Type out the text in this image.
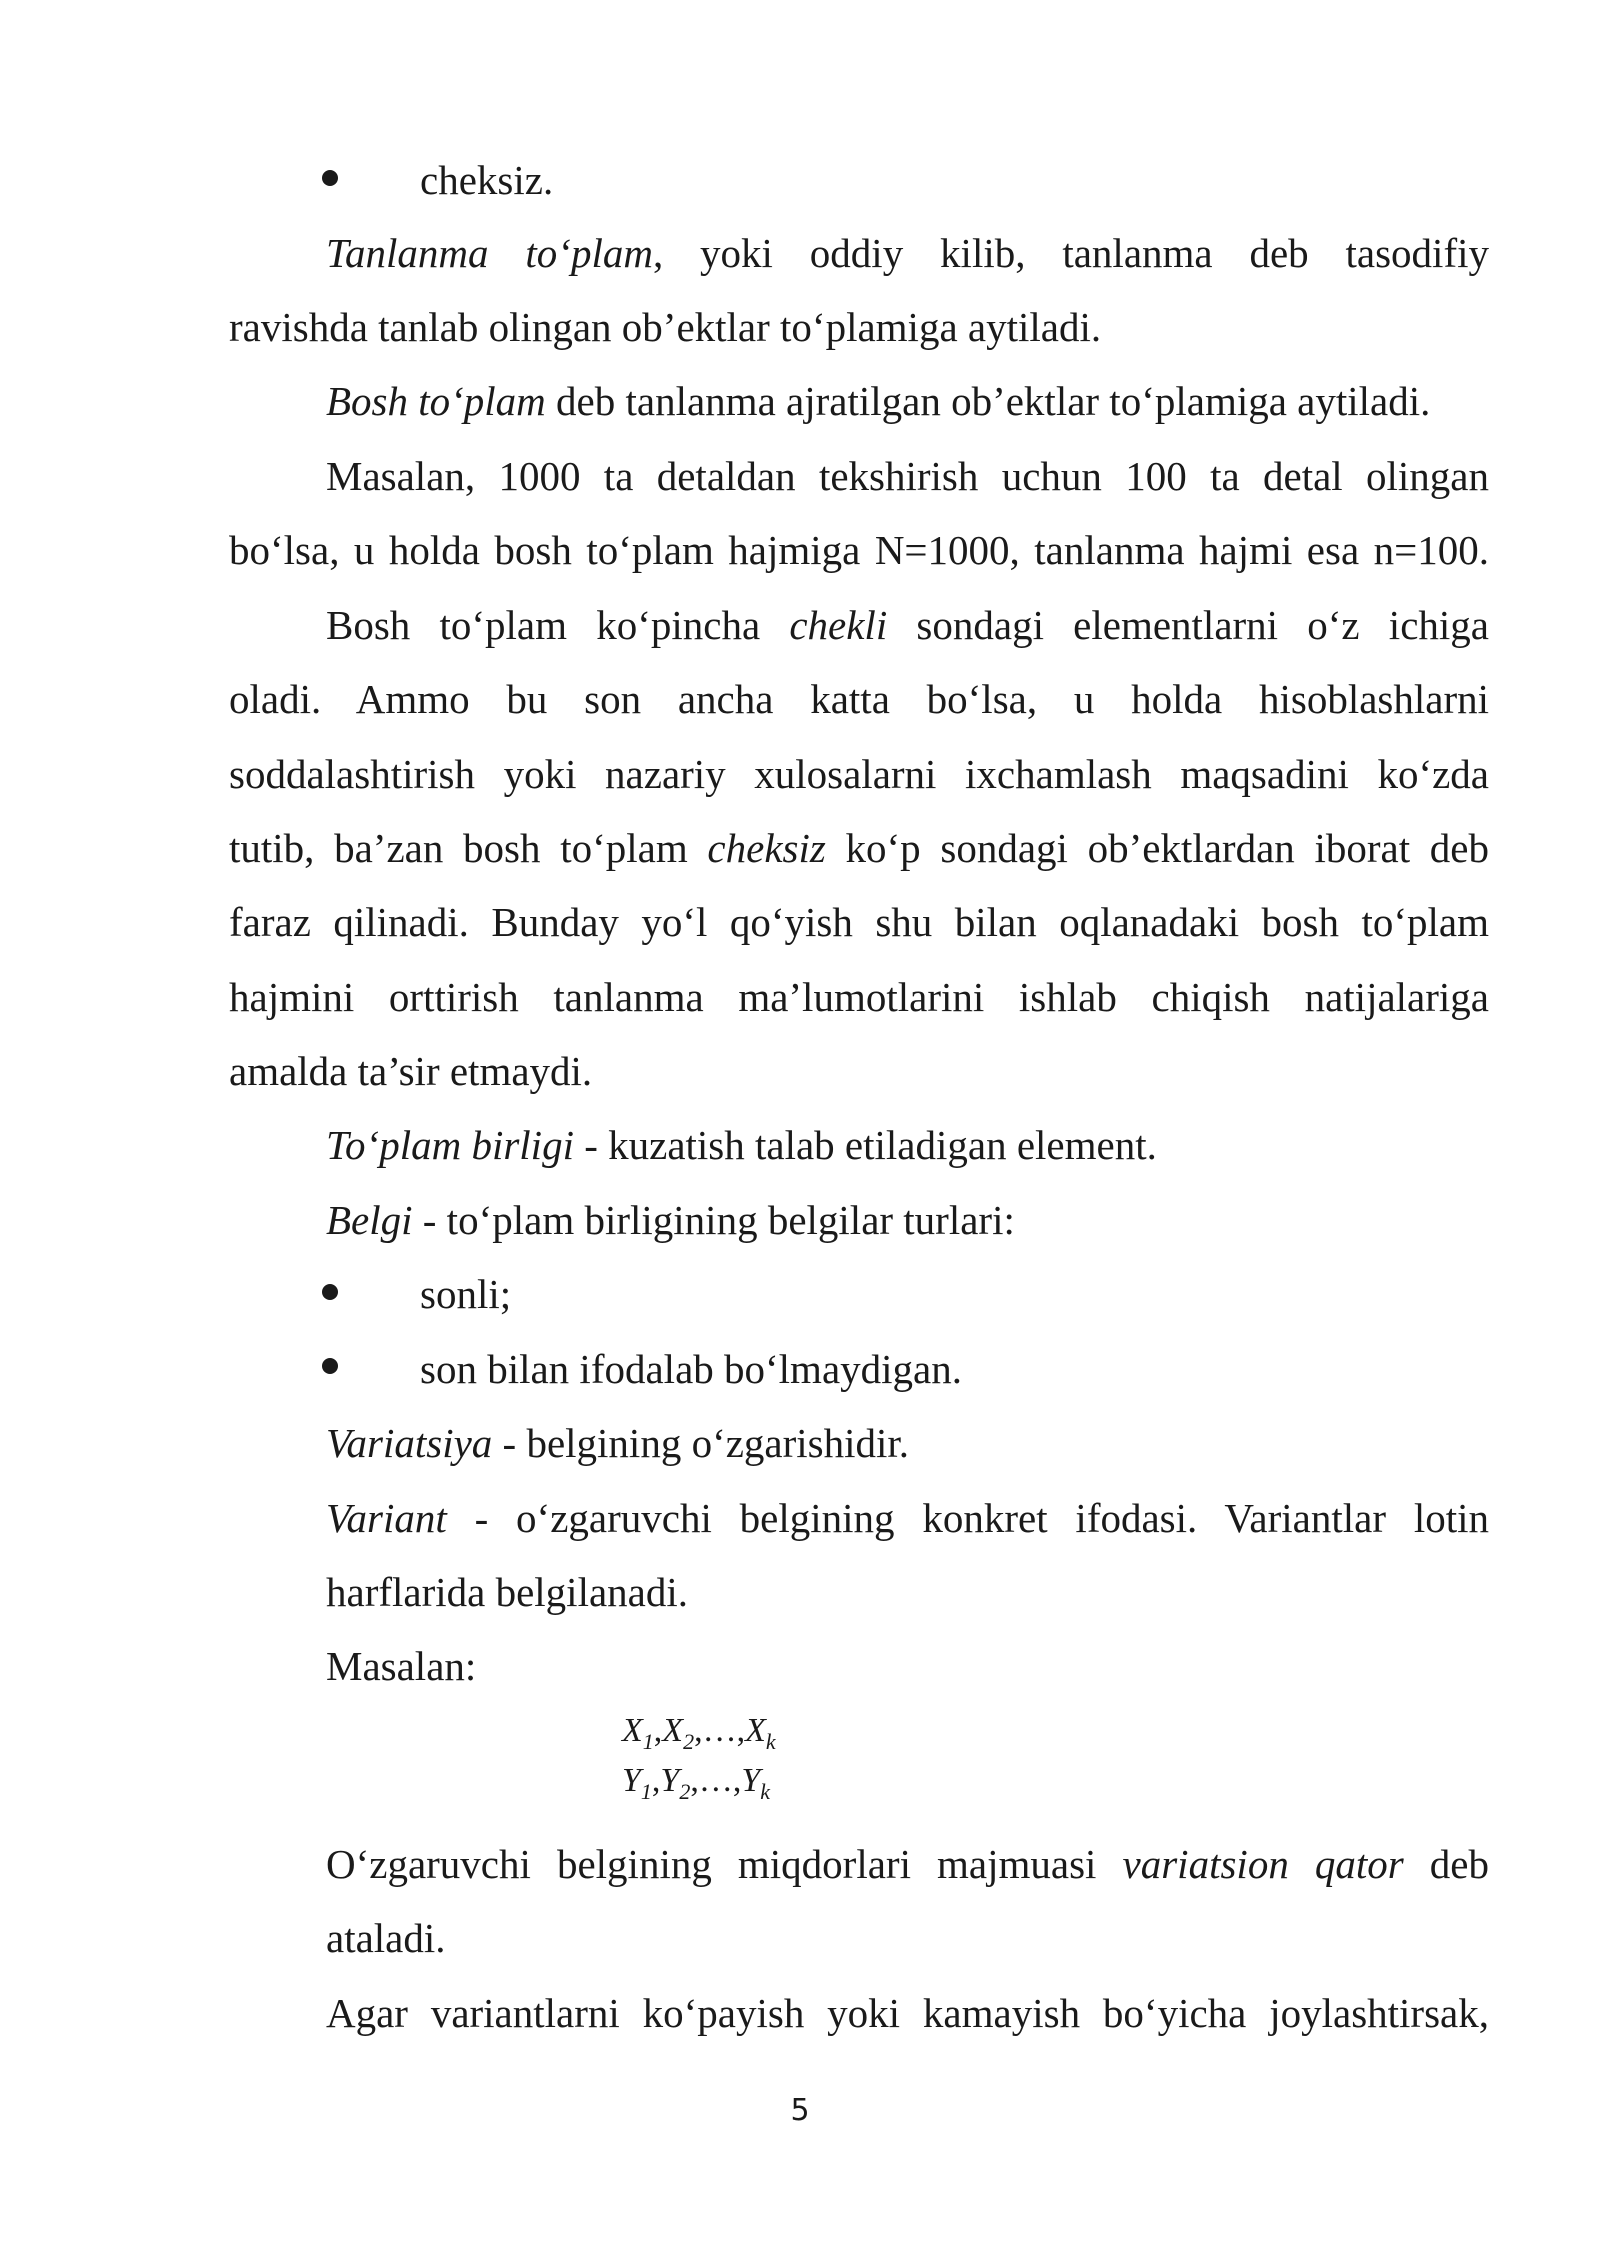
cheksiz.
Tanlanma to‘plam, yoki oddiy kilib, tanlanma deb tasodifiy
ravishda tanlab olingan ob’ektlar to‘plamiga aytiladi.
Bosh to‘plam deb tanlanma ajratilgan ob’ektlar to‘plamiga aytiladi.
Masalan, 1000 ta detaldan tekshirish uchun 100 ta detal olingan
bo‘lsa, u holda bosh to‘plam hajmiga N=1000, tanlanma hajmi esa n=100.
Bosh to‘plam ko‘pincha chekli sondagi elementlarni o‘z ichiga
oladi. Ammo bu son ancha katta bo‘lsa, u holda hisoblashlarni
soddalashtirish yoki nazariy xulosalarni ixchamlash maqsadini ko‘zda
tutib, ba’zan bosh to‘plam cheksiz ko‘p sondagi ob’ektlardan iborat deb
faraz qilinadi. Bunday yo‘l qo‘yish shu bilan oqlanadaki bosh to‘plam
hajmini orttirish tanlanma ma’lumotlarini ishlab chiqish natijalariga
amalda ta’sir etmaydi.
To‘plam birligi - kuzatish talab etiladigan element.
Belgi - to‘plam birligining belgilar turlari:
sonli;
son bilan ifodalab bo‘lmaydigan.
Variatsiya - belgining o‘zgarishidir.
Variant - o‘zgaruvchi belgining konkret ifodasi. Variantlar lotin
harflarida belgilanadi.
Masalan:
$X_1,X_2,\dots,X_k$
$Y_1,Y_2,\dots,Y_k$
O‘zgaruvchi belgining miqdorlari majmuasi variatsion qator deb
ataladi.
Agar variantlarni ko‘payish yoki kamayish bo‘yicha joylashtirsak,
5
